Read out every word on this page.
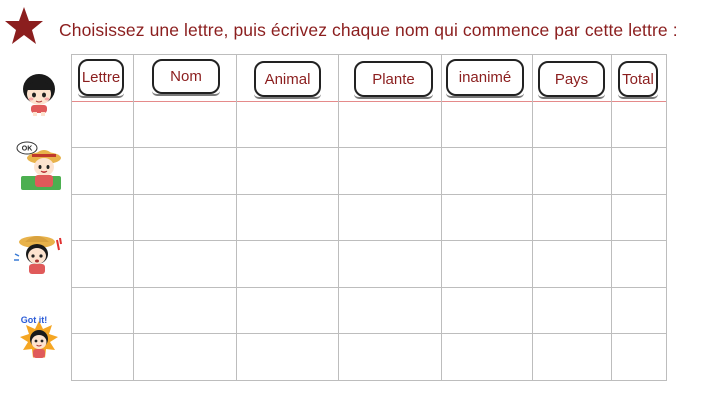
Choisissez une lettre, puis écrivez chaque nom qui commence par cette lettre :
Lettre	Nom	Animal	Plante	inanimé	Pays	Total
OK
Got it!
